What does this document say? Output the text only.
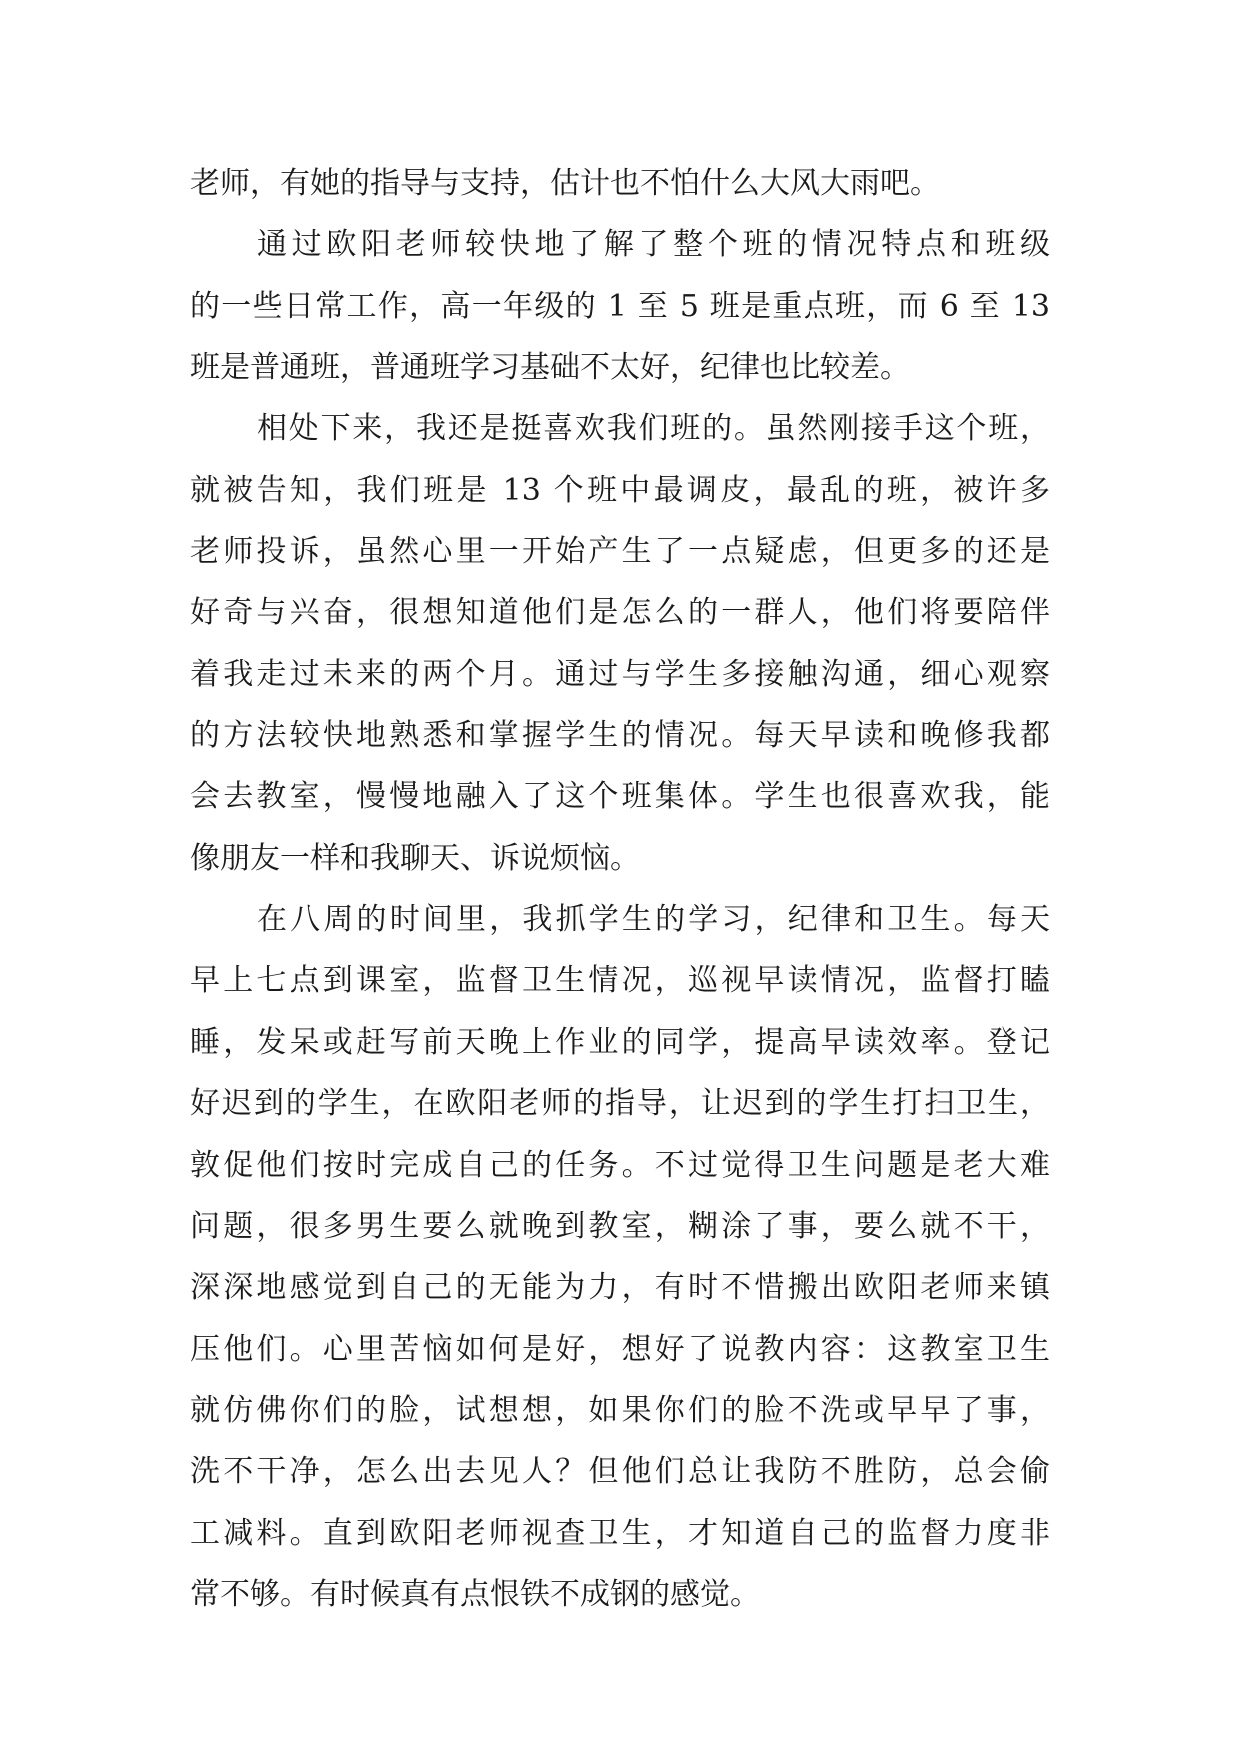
老师，有她的指导与支持，估计也不怕什么大风大雨吧。
通过欧阳老师较快地了解了整个班的情况特点和班级
的一些日常工作，高一年级的 1 至 5 班是重点班，而 6 至 13
班是普通班，普通班学习基础不太好，纪律也比较差。
相处下来，我还是挺喜欢我们班的。虽然刚接手这个班，
就被告知，我们班是 13 个班中最调皮，最乱的班，被许多
老师投诉，虽然心里一开始产生了一点疑虑，但更多的还是
好奇与兴奋，很想知道他们是怎么的一群人，他们将要陪伴
着我走过未来的两个月。通过与学生多接触沟通，细心观察
的方法较快地熟悉和掌握学生的情况。每天早读和晚修我都
会去教室，慢慢地融入了这个班集体。学生也很喜欢我，能
像朋友一样和我聊天、诉说烦恼。
在八周的时间里，我抓学生的学习，纪律和卫生。每天
早上七点到课室，监督卫生情况，巡视早读情况，监督打瞌
睡，发呆或赶写前天晚上作业的同学，提高早读效率。登记
好迟到的学生，在欧阳老师的指导，让迟到的学生打扫卫生，
敦促他们按时完成自己的任务。不过觉得卫生问题是老大难
问题，很多男生要么就晚到教室，糊涂了事，要么就不干，
深深地感觉到自己的无能为力，有时不惜搬出欧阳老师来镇
压他们。心里苦恼如何是好，想好了说教内容：这教室卫生
就仿佛你们的脸，试想想，如果你们的脸不洗或早早了事，
洗不干净，怎么出去见人？但他们总让我防不胜防，总会偷
工减料。直到欧阳老师视查卫生，才知道自己的监督力度非
常不够。有时候真有点恨铁不成钢的感觉。
